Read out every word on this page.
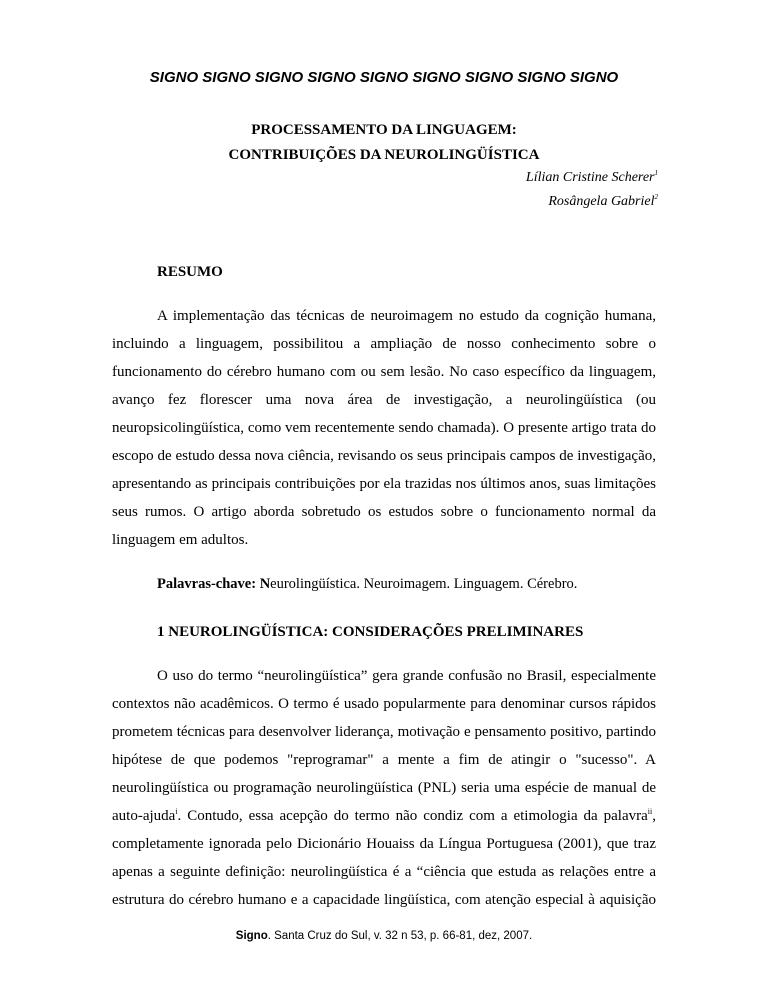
SIGNO SIGNO SIGNO SIGNO SIGNO SIGNO SIGNO SIGNO SIGNO
PROCESSAMENTO DA LINGUAGEM:
CONTRIBUIÇÕES DA NEUROLINGÜÍSTICA
Lílian Cristine Scherer$^1$
Rosângela Gabriel$^2$
RESUMO
A implementação das técnicas de neuroimagem no estudo da cognição humana,
incluindo a linguagem, possibilitou a ampliação de nosso conhecimento sobre o
funcionamento do cérebro humano com ou sem lesão. No caso específico da linguagem,
avanço fez florescer uma nova área de investigação, a neurolingüística (ou
neuropsicolingüística, como vem recentemente sendo chamada). O presente artigo trata do
escopo de estudo dessa nova ciência, revisando os seus principais campos de investigação,
apresentando as principais contribuições por ela trazidas nos últimos anos, suas limitações
seus rumos. O artigo aborda sobretudo os estudos sobre o funcionamento normal da
linguagem em adultos.
Palavras-chave: Neurolingüística. Neuroimagem. Linguagem. Cérebro.
1 NEUROLINGÜÍSTICA: CONSIDERAÇÕES PRELIMINARES
O uso do termo “neurolingüística” gera grande confusão no Brasil, especialmente
contextos não acadêmicos. O termo é usado popularmente para denominar cursos rápidos
prometem técnicas para desenvolver liderança, motivação e pensamento positivo, partindo
hipótese de que podemos "reprogramar" a mente a fim de atingir o "sucesso". A
neurolingüística ou programação neurolingüística (PNL) seria uma espécie de manual de
auto-ajuda$^i$. Contudo, essa acepção do termo não condiz com a etimologia da palavra$^{ii}$,
completamente ignorada pelo Dicionário Houaiss da Língua Portuguesa (2001), que traz
apenas a seguinte definição: neurolingüística é a “ciência que estuda as relações entre a
estrutura do cérebro humano e a capacidade lingüística, com atenção especial à aquisição
Signo. Santa Cruz do Sul, v. 32 n 53, p. 66-81, dez, 2007.
